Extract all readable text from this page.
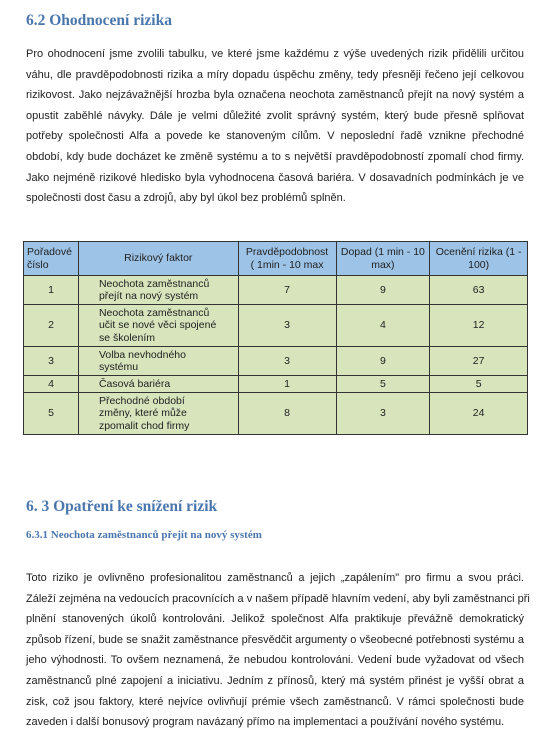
6.2 Ohodnocení rizika
Pro ohodnocení jsme zvolili tabulku, ve které jsme každému z výše uvedených rizik přidělili určitou
váhu, dle pravděpodobnosti rizika a míry dopadu úspěchu změny, tedy přesněji řečeno její celkovou
rizikovost. Jako nejzávažnější hrozba byla označena neochota zaměstnanců přejít na nový systém a
opustit zaběhlé návyky. Dále je velmi důležité zvolit správný systém, který bude přesně splňovat
potřeby společnosti Alfa a povede ke stanoveným cílům. V neposlední řadě vznikne přechodné
období, kdy bude docházet ke změně systému a to s největší pravděpodobností zpomalí chod firmy.
Jako nejméně rizikové hledisko byla vyhodnocena časová bariéra. V dosavadních podmínkách je ve
společnosti dost času a zdrojů, aby byl úkol bez problémů splněn.
Pořadové
číslo	Rizikový faktor	Pravděpodobnost
( 1min - 10 max	Dopad (1 min - 10
max)	Ocenění rizika (1 - 100)
1	Neochota zaměstnanců
přejít na nový systém	7	9	63
2	Neochota zaměstnanců
učit se nové věci spojené
se školením	3	4	12
3	Volba nevhodného
systému	3	9	27
4	Časová bariéra	1	5	5
5	Přechodné období
změny, které může
zpomalit chod firmy	8	3	24
6. 3 Opatření ke snížení rizik
6.3.1 Neochota zaměstnanců přejít na nový systém
Toto riziko je ovlivněno profesionalitou zaměstnanců a jejich „zapálením" pro firmu a svou práci.
Záleží zejména na vedoucích pracovnících a v našem případě hlavním vedení, aby byli zaměstnanci při
plnění stanovených úkolů kontrolováni. Jelikož společnost Alfa praktikuje převážně demokratický
způsob řízení, bude se snažit zaměstnance přesvědčit argumenty o všeobecné potřebnosti systému a
jeho výhodnosti. To ovšem neznamená, že nebudou kontrolováni. Vedení bude vyžadovat od všech
zaměstnanců plné zapojení a iniciativu. Jedním z přínosů, který má systém přinést je vyšší obrat a
zisk, což jsou faktory, které nejvíce ovlivňují prémie všech zaměstnanců. V rámci společnosti bude
zaveden i další bonusový program navázaný přímo na implementaci a používání nového systému.
